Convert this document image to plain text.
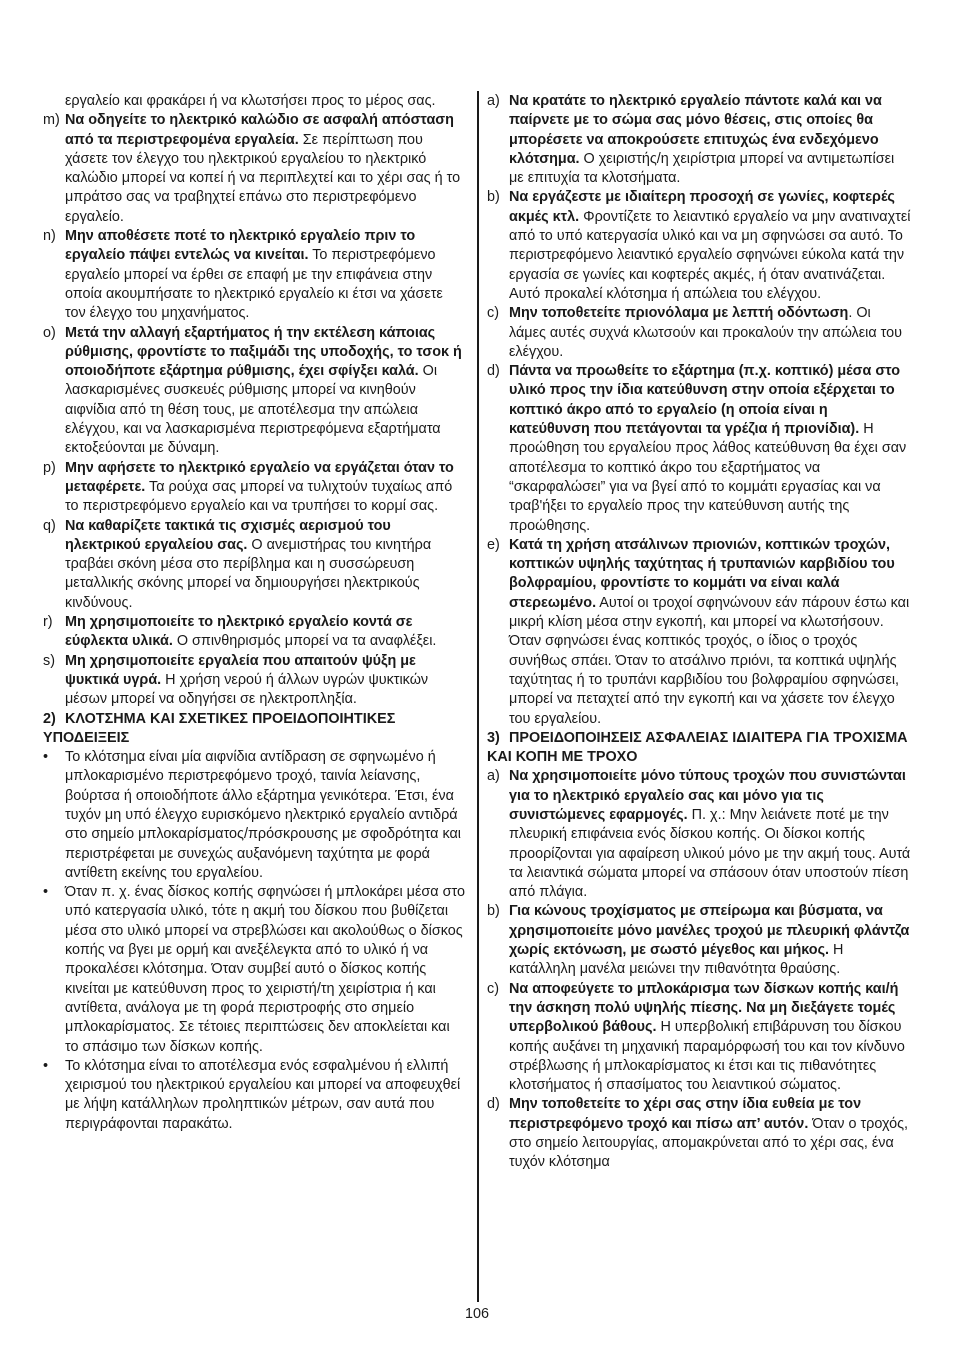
εργαλείο και φρακάρει ή να κλωτσήσει προς το μέρος σας.

m) Να οδηγείτε το ηλεκτρικό καλώδιο σε ασφαλή απόσταση από τα περιστρεφομένα εργαλεία. Σε περίπτωση που χάσετε τον έλεγχο του ηλεκτρικού εργαλείου το ηλεκτρικό καλώδιο μπορεί να κοπεί ή να περιπλεχτεί και το χέρι σας ή το μπράτσο σας να τραβηχτεί επάνω στο περιστρεφόμενο εργαλείο.
n) Μην αποθέσετε ποτέ το ηλεκτρικό εργαλείο πριν το εργαλείο πάψει εντελώς να κινείται. Το περιστρεφόμενο εργαλείο μπορεί να έρθει σε επαφή με την επιφάνεια στην οποία ακουμπήσατε το ηλεκτρικό εργαλείο κι έτσι να χάσετε τον έλεγχο του μηχανήματος.
o) Μετά την αλλαγή εξαρτήματος ή την εκτέλεση κάποιας ρύθμισης, φροντίστε το παξιμάδι της υποδοχής, το τσοκ ή οποιοδήποτε εξάρτημα ρύθμισης, έχει σφίγξει καλά. Οι λασκαρισμένες συσκευές ρύθμισης μπορεί να κινηθούν αιφνίδια από τη θέση τους, με αποτέλεσμα την απώλεια ελέγχου, και να λασκαρισμένα περιστρεφόμενα εξαρτήματα εκτοξεύονται με δύναμη.
p) Μην αφήσετε το ηλεκτρικό εργαλείο να εργάζεται όταν το μεταφέρετε. Τα ρούχα σας μπορεί να τυλιχτούν τυχαίως από το περιστρεφόμενο εργαλείο και να τρυπήσει το κορμί σας.
q) Να καθαρίζετε τακτικά τις σχισμές αερισμού του ηλεκτρικού εργαλείου σας. Ο ανεμιστήρας του κινητήρα τραβάει σκόνη μέσα στο περίβλημα και η συσσώρευση μεταλλικής σκόνης μπορεί να δημιουργήσει ηλεκτρικούς κινδύνους.
r) Μη χρησιμοποιείτε το ηλεκτρικό εργαλείο κοντά σε εύφλεκτα υλικά. Ο σπινθηρισμός μπορεί να τα αναφλέξει.
s) Μη χρησιμοποιείτε εργαλεία που απαιτούν ψύξη με ψυκτικά υγρά. Η χρήση νερού ή άλλων υγρών ψυκτικών μέσων μπορεί να οδηγήσει σε ηλεκτροπληξία.

2) ΚΛΟΤΣΗΜΑ ΚΑΙ ΣΧΕΤΙΚΕΣ ΠΡΟΕΙΔΟΠΟΙΗΤΙΚΕΣ ΥΠΟΔΕΙΞΕΙΣ

•	Το κλότσημα είναι μία αιφνίδια αντίδραση σε σφηνωμένο ή μπλοκαρισμένο περιστρεφόμενο τροχό, ταινία λείανσης, βούρτσα ή οποιοδήποτε άλλο εξάρτημα γενικότερα. Έτσι, ένα τυχόν μη υπό έλεγχο ευρισκόμενο ηλεκτρικό εργαλείο αντιδρά στο σημείο μπλοκαρίσματος/πρόσκρουσης με σφοδρότητα και περιστρέφεται με συνεχώς αυξανόμενη ταχύτητα με φορά αντίθετη εκείνης του εργαλείου.
•	Όταν π. χ. ένας δίσκος κοπής σφηνώσει ή μπλοκάρει μέσα στο υπό κατεργασία υλικό, τότε η ακμή του δίσκου που βυθίζεται μέσα στο υλικό μπορεί να στρεβλώσει και ακολούθως ο δίσκος κοπής να βγει με ορμή και ανεξέλεγκτα από το υλικό ή να προκαλέσει κλότσημα. Όταν συμβεί αυτό ο δίσκος κοπής κινείται με κατεύθυνση προς το χειριστή/τη χειρίστρια ή και αντίθετα, ανάλογα με τη φορά περιστροφής στο σημείο μπλοκαρίσματος. Σε τέτοιες περιπτώσεις δεν αποκλείεται και το σπάσιμο των δίσκων κοπής.
•	Το κλότσημα είναι το αποτέλεσμα ενός εσφαλμένου ή ελλιπή χειρισμού του ηλεκτρικού εργαλείου και μπορεί να αποφευχθεί με λήψη κατάλληλων προληπτικών μέτρων, σαν αυτά που περιγράφονται παρακάτω.
a) Να κρατάτε το ηλεκτρικό εργαλείο πάντοτε καλά και να παίρνετε με το σώμα σας μόνο θέσεις, στις οποίες θα μπορέσετε να αποκρούσετε επιτυχώς ένα ενδεχόμενο κλότσημα. Ο χειριστής/η χειρίστρια μπορεί να αντιμετωπίσει με επιτυχία τα κλοτσήματα.
b) Να εργάζεστε με ιδιαίτερη προσοχή σε γωνίες, κοφτερές ακμές κτλ. Φροντίζετε το λειαντικό εργαλείο να μην ανατιναχτεί από το υπό κατεργασία υλικό και να μη σφηνώσει σα αυτό. Το περιστρεφόμενο λειαντικό εργαλείο σφηνώνει εύκολα κατά την εργασία σε γωνίες και κοφτερές ακμές, ή όταν ανατινάζεται. Αυτό προκαλεί κλότσημα ή απώλεια του ελέγχου.
c) Μην τοποθετείτε πριονόλαμα με λεπτή οδόντωση. Οι λάμες αυτές συχνά κλωτσούν και προκαλούν την απώλεια του ελέγχου.
d) Πάντα να προωθείτε το εξάρτημα (π.χ. κοπτικό) μέσα στο υλικό προς την ίδια κατεύθυνση στην οποία εξέρχεται το κοπτικό άκρο από το εργαλείο (η οποία είναι η κατεύθυνση που πετάγονται τα γρέζια ή πριονίδια). Η προώθηση του εργαλείου προς λάθος κατεύθυνση θα έχει σαν αποτέλεσμα το κοπτικό άκρο του εξαρτήματος να “σκαρφαλώσει” για να βγεί από το κομμάτι εργασίας και να τραβ'ήξει το εργαλείο προς την κατεύθυνση αυτής της προώθησης.
e) Κατά τη χρήση ατσάλινων πριονιών, κοπτικών τροχών, κοπτικών υψηλής ταχύτητας ή τρυπανιών καρβιδίου του βολφραμίου, φροντίστε το κομμάτι να είναι καλά στερεωμένο. Αυτοί οι τροχοί σφηνώνουν εάν πάρουν έστω και μικρή κλίση μέσα στην εγκοπή, και μπορεί να κλωτσήσουν. Όταν σφηνώσει ένας κοπτικός τροχός, ο ίδιος ο τροχός συνήθως σπάει. Όταν το ατσάλινο πριόνι, τα κοπτικά υψηλής ταχύτητας ή το τρυπάνι καρβιδίου του βολφραμίου σφηνώσει, μπορεί να πεταχτεί από την εγκοπή και να χάσετε τον έλεγχο του εργαλείου.

3) ΠΡΟΕΙΔΟΠΟΙΗΣΕΙΣ ΑΣΦΑΛΕΙΑΣ ΙΔΙΑΙΤΕΡΑ ΓΙΑ ΤΡΟΧΙΣΜΑ ΚΑΙ ΚΟΠΗ ΜΕ ΤΡΟΧΟ

a) Να χρησιμοποιείτε μόνο τύπους τροχών που συνιστώνται για το ηλεκτρικό εργαλείο σας και μόνο για τις συνιστώμενες εφαρμογές. Π. χ.: Μην λειάνετε ποτέ με την πλευρική επιφάνεια ενός δίσκου κοπής. Οι δίσκοι κοπής προορίζονται για αφαίρεση υλικού μόνο με την ακμή τους. Αυτά τα λειαντικά σώματα μπορεί να σπάσουν όταν υποστούν πίεση από πλάγια.
b) Για κώνους τροχίσματος με σπείρωμα και βύσματα, να χρησιμοποιείτε μόνο μανέλες τροχού με πλευρική φλάντζα χωρίς εκτόνωση, με σωστό μέγεθος και μήκος. Η κατάλληλη μανέλα μειώνει την πιθανότητα θραύσης.
c) Να αποφεύγετε το μπλοκάρισμα των δίσκων κοπής και/ή την άσκηση πολύ υψηλής πίεσης. Να μη διεξάγετε τομές υπερβολικού βάθους. Η υπερβολική επιβάρυνση του δίσκου κοπής αυξάνει τη μηχανική παραμόρφωσή του και τον κίνδυνο στρέβλωσης ή μπλοκαρίσματος κι έτσι και τις πιθανότητες κλοτσήματος ή σπασίματος του λειαντικού σώματος.
d) Μην τοποθετείτε το χέρι σας στην ίδια ευθεία με τον περιστρεφόμενο τροχό και πίσω απ’ αυτόν. Όταν ο τροχός, στο σημείο λειτουργίας, απομακρύνεται από το χέρι σας, ένα τυχόν κλότσημα
106
